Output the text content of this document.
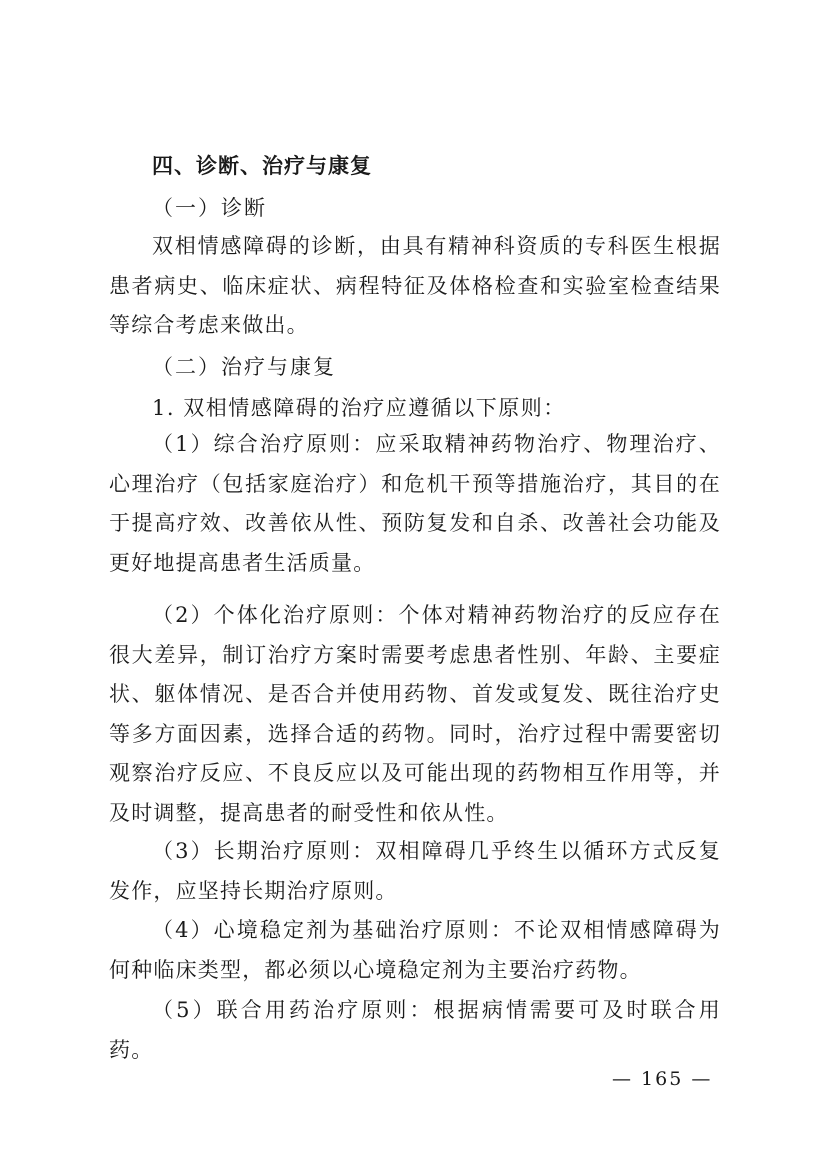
四、诊断、治疗与康复
（一）诊断

双相情感障碍的诊断，由具有精神科资质的专科医生根据患者病史、临床症状、病程特征及体格检查和实验室检查结果等综合考虑来做出。

（二）治疗与康复
1. 双相情感障碍的治疗应遵循以下原则：

（1）综合治疗原则：应采取精神药物治疗、物理治疗、心理治疗（包括家庭治疗）和危机干预等措施治疗，其目的在于提高疗效、改善依从性、预防复发和自杀、改善社会功能及更好地提高患者生活质量。

（2）个体化治疗原则：个体对精神药物治疗的反应存在很大差异，制订治疗方案时需要考虑患者性别、年龄、主要症状、躯体情况、是否合并使用药物、首发或复发、既往治疗史等多方面因素，选择合适的药物。同时，治疗过程中需要密切观察治疗反应、不良反应以及可能出现的药物相互作用等，并及时调整，提高患者的耐受性和依从性。

（3）长期治疗原则：双相障碍几乎终生以循环方式反复发作，应坚持长期治疗原则。

（4）心境稳定剂为基础治疗原则：不论双相情感障碍为何种临床类型，都必须以心境稳定剂为主要治疗药物。

（5）联合用药治疗原则：根据病情需要可及时联合用药。

— 165 —
